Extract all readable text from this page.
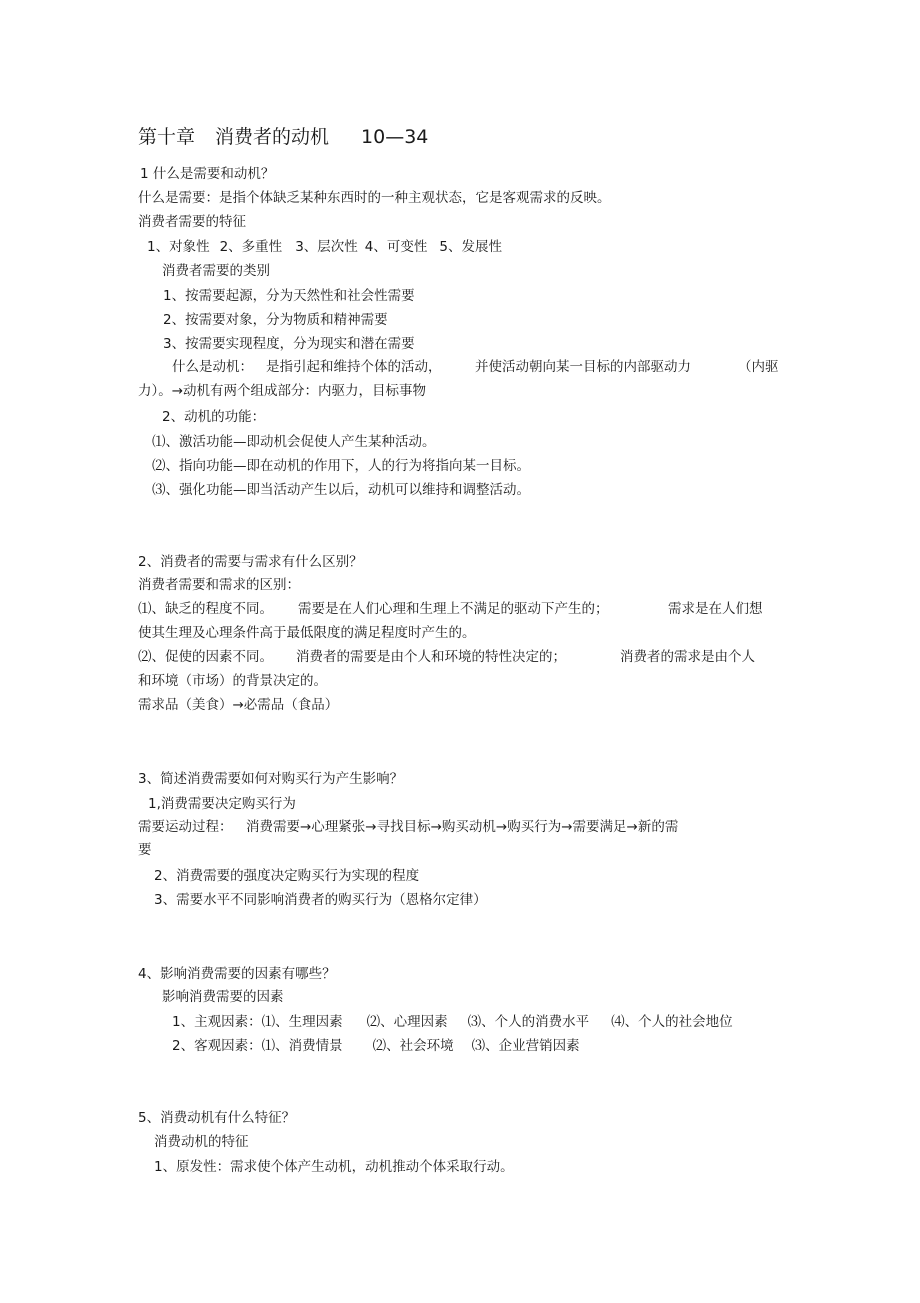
第十章 消费者的动机 10—34
1 什么是需要和动机？
什么是需要：是指个体缺乏某种东西时的一种主观状态，它是客观需求的反映。
消费者需要的特征
1、对象性 2、多重性 3、层次性 4、可变性 5、发展性
消费者需要的类别
1、按需要起源，分为天然性和社会性需要
2、按需要对象，分为物质和精神需要
3、按需要实现程度，分为现实和潜在需要
什么是动机： 是指引起和维持个体的活动， 并使活动朝向某一目标的内部驱动力	（内驱
力）。→动机有两个组成部分：内驱力，目标事物
2、动机的功能：
⑴、激活功能—即动机会促使人产生某种活动。
⑵、指向功能—即在动机的作用下，人的行为将指向某一目标。
⑶、强化功能—即当活动产生以后，动机可以维持和调整活动。
2、消费者的需要与需求有什么区别？
消费者需要和需求的区别：
⑴、缺乏的程度不同。 需要是在人们心理和生理上不满足的驱动下产生的；	需求是在人们想
使其生理及心理条件高于最低限度的满足程度时产生的。
⑵、促使的因素不同。 消费者的需要是由个人和环境的特性决定的；	消费者的需求是由个人
和环境（市场）的背景决定的。
需求品（美食）→必需品（食品）
3、简述消费需要如何对购买行为产生影响？
1,消费需要决定购买行为
需要运动过程： 消费需要→心理紧张→寻找目标→购买动机→购买行为→需要满足→新的需
要
2、消费需要的强度决定购买行为实现的程度
3、需要水平不同影响消费者的购买行为（恩格尔定律）
4、影响消费需要的因素有哪些？
影响消费需要的因素
1、主观因素：⑴、生理因素 ⑵、心理因素 ⑶、个人的消费水平 ⑷、个人的社会地位
2、客观因素：⑴、消费情景 ⑵、社会环境 ⑶、企业营销因素
5、消费动机有什么特征？
消费动机的特征
1、原发性：需求使个体产生动机，动机推动个体采取行动。
